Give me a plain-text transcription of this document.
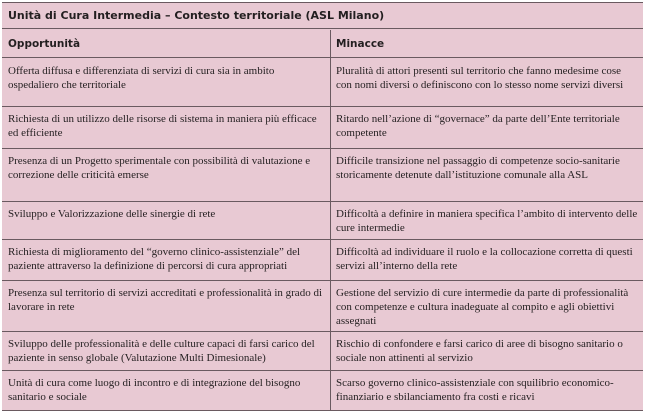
Unità di Cura Intermedia – Contesto territoriale (ASL Milano)
Opportunità	Minacce
Offerta diffusa e differenziata di servizi di cura sia in ambito ospedaliero che territoriale
Pluralità di attori presenti sul territorio che fanno medesime cose con nomi diversi o definiscono con lo stesso nome servizi diversi
Richiesta di un utilizzo delle risorse di sistema in maniera più efficace ed efficiente
Ritardo nell’azione di “governace” da parte dell’Ente territoriale competente
Presenza di un Progetto sperimentale con possibilità di valutazione e correzione delle criticità emerse
Difficile transizione nel passaggio di competenze socio-sanitarie storicamente detenute dall’istituzione comunale alla ASL
Sviluppo e Valorizzazione delle sinergie di rete	Difficoltà a definire in maniera specifica l’ambito di intervento delle cure intermedie
Richiesta di miglioramento del “governo clinico-assistenziale” del paziente attraverso la definizione di percorsi di cura appropriati
Difficoltà ad individuare il ruolo e la collocazione corretta di questi servizi all’interno della rete
Presenza sul territorio di servizi accreditati e professionalità in grado di lavorare in rete
Gestione del servizio di cure intermedie da parte di professionalità con competenze e cultura inadeguate al compito e agli obiettivi assegnati
Sviluppo delle professionalità e delle culture capaci di farsi carico del paziente in senso globale (Valutazione Multi Dimesionale)
Rischio di confondere e farsi carico di aree di bisogno sanitario o sociale non attinenti al servizio
Unità di cura come luogo di incontro e di integrazione del bisogno sanitario e sociale
Scarso governo clinico-assistenziale con squilibrio economico-finanziario e sbilanciamento fra costi e ricavi
